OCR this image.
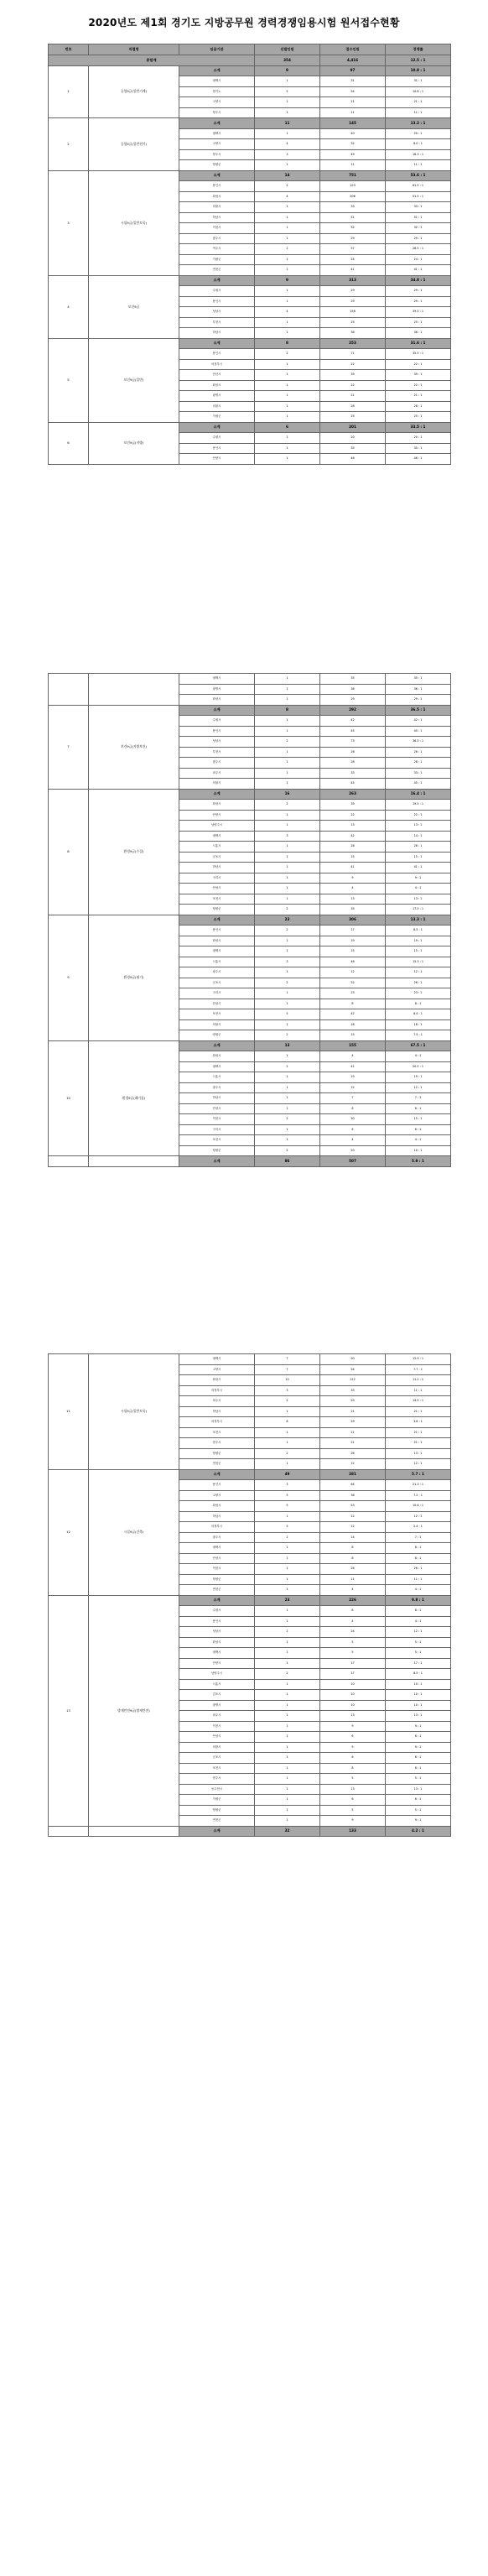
2020년도 제1회 경기도 지방공무원 경력경쟁임용시험 원서접수현황
번호	직렬명	임용기관	선발인원	접수인원	경쟁률
총합계			354	4,416	12.5 : 1
1	공업9급(일반기계)	소계	9	97	10.8 : 1
		평택시	1	31	31 : 1
		향기노	5	54	10.8 : 1
		고양시	1	21	21 : 1
		양주시	1	11	11 : 1
2	공업9급(일반전기)	소계	11	145	13.2 : 1
		평택시	1	40	20 : 1
		고양시	4	32	8.0 : 1
		양주시	3	49	16.3 : 1
		양평군	1	11	11 : 1
3	시설9급(일반토목)	소계	14	751	53.6 : 1
		용인시	2	123	61.5 : 1
		화성시	4	206	51.5 : 1
		의왕시	1	33	33 : 1
		하남시	1	51	51 : 1
		이천시	1	32	32 : 1
		광주시	1	29	29 : 1
		여주시	2	57	28.5 : 1
		가평군	1	24	24 : 1
		연천군	1	41	41 : 1
4	보건9급	소계	9	313	34.8 : 1
		수원시	1	29	29 : 1
		용인시	1	29	29 : 1
		성남시	4	158	39.5 : 1
		부천시	1	25	25 : 1
		하남시	1	36	36 : 1
5	보건9급(일반)	소계	8	253	31.6 : 1
		용인시	2	71	35.5 : 1
		의정부시	1	22	22 : 1
		안산시	1	39	39 : 1
		화성시	1	22	22 : 1
		광명시	1	21	21 : 1
		의왕시	1	28	28 : 1
		가평군	1	25	25 : 1
6	보건9급(지방)	소계	6	201	33.5 : 1
		수원시	1	20	20 : 1
		용인시	1	35	35 : 1
		안양시	1	46	46 : 1
		평택시	1	35	35 : 1
		광명시	1	36	36 : 1
		화성시	1	29	29 : 1
7	보건9급(지방보건)	소계	8	292	36.5 : 1
		수원시	1	42	42 : 1
		용인시	1	45	45 : 1
		성남시	2	73	36.5 : 1
		부천시	1	26	26 : 1
		광주시	1	28	28 : 1
		파주시	1	33	33 : 1
		의왕시	1	45	45 : 1
8	환경9급(수질)	소계	16	263	16.4 : 1
		화성시	2	39	19.5 : 1
		안양시	1	22	22 : 1
		남양주시	1	13	13 : 1
		평택시	3	42	14 : 1
		시흥시	1	28	28 : 1
		군포시	1	15	15 : 1
		하남시	1	41	41 : 1
		구리시	1	9	9 : 1
		안성시	1	4	4 : 1
		포천시	1	13	13 : 1
		양평군	2	35	17.5 : 1
9	환경9급(대기)	소계	23	306	13.3 : 1
		용인시	2	17	8.5 : 1
		화성시	1	19	19 : 1
		평택시	1	15	15 : 1
		시흥시	3	46	15.3 : 1
		광주시	1	12	12 : 1
		군포시	2	52	26 : 1
		구리시	1	23	23 : 1
		안성시	1	8	8 : 1
		포천시	5	42	8.4 : 1
		의왕시	1	18	18 : 1
		양평군	2	15	7.5 : 1
10	환경9급(폐기물)	소계	13	155	67.5 : 1
		화성시	1	4	4 : 1
		평택시	2	41	20.5 : 1
		시흥시	1	19	19 : 1
		광주시	1	12	12 : 1
		하남시	1	7	7 : 1
		안성시	1	6	6 : 1
		이천시	2	30	15 : 1
		구리시	1	6	6 : 1
		포천시	1	4	4 : 1
		양평군	2	20	10 : 1
		소계	86	507	5.9 : 1
11	시설9급(일반토목)	평택시	7	90	12.9 : 1
		고양시	7	54	7.7 : 1
		화성시	10	112	11.2 : 1
		의정부시	3	33	11 : 1
		파주시	2	29	14.5 : 1
		하남시	1	21	21 : 1
		의정부시	8	29	3.6 : 1
		포천시	1	21	21 : 1
		양주시	1	21	21 : 1
		양평군	2	26	13 : 1
		연천군	1	12	12 : 1
12	시설9급(건축)	소계	49	281	5.7 : 1
		용인시	3	64	21.3 : 1
		고양시	5	36	7.2 : 1
		화성시	5	53	10.6 : 1
		하남시	1	12	12 : 1
		의정부시	5	12	2.4 : 1
		광주시	2	14	7 : 1
		평택시	1	8	8 : 1
		안성시	1	8	8 : 1
		이천시	1	26	26 : 1
		양평군	1	11	11 : 1
		연천군	1	4	4 : 1
13	방재안전9급(방재안전)	소계	23	226	9.8 : 1
		수원시	1	8	8 : 1
		용인시	1	4	4 : 1
		성남시	2	24	12 : 1
		화성시	1	5	5 : 1
		평택시	1	5	5 : 1
		안양시	1	17	17 : 1
		남양주시	2	17	8.5 : 1
		시흥시	1	10	10 : 1
		김포시	1	10	10 : 1
		광명시	1	10	10 : 1
		파주시	1	13	13 : 1
		이천시	1	9	9 : 1
		안성시	1	6	6 : 1
		의왕시	1	9	9 : 1
		군포시	1	6	6 : 1
		포천시	1	8	8 : 1
		양주시	1	5	5 : 1
		동두천시	1	13	13 : 1
		가평군	1	6	6 : 1
		양평군	1	5	5 : 1
		연천군	1	9	9 : 1
		소계	32	133	4.2 : 1
